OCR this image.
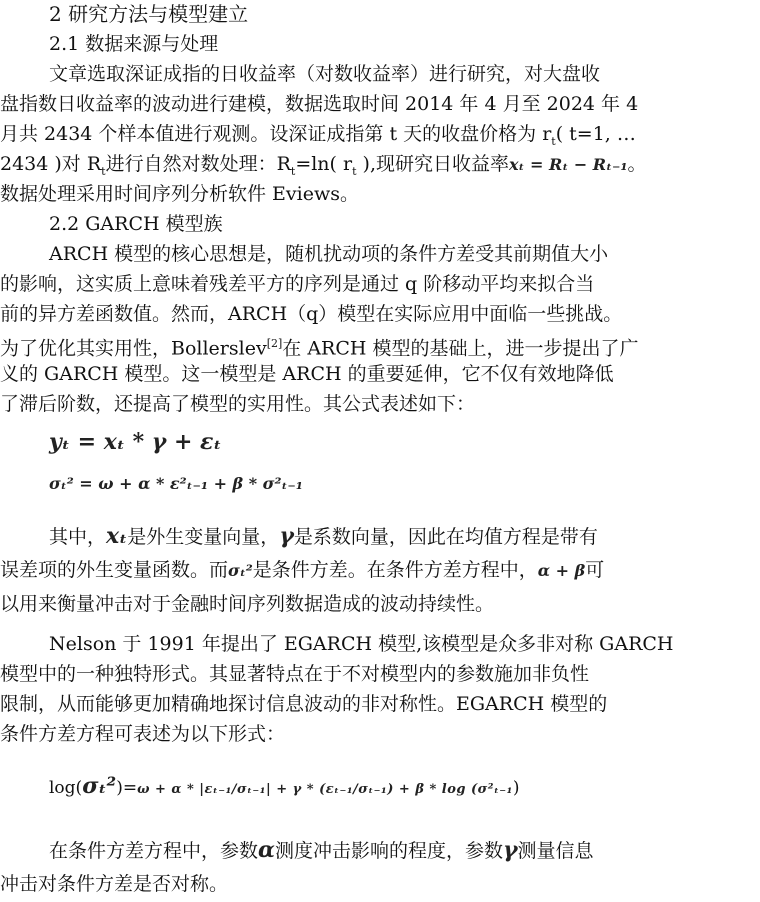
2 研究方法与模型建立
2.1 数据来源与处理
文章选取深证成指的日收益率（对数收益率）进行研究，对大盘收
盘指数日收益率的波动进行建模，数据选取时间 2014 年 4 月至 2024 年 4
月共 2434 个样本值进行观测。设深证成指第 t 天的收盘价格为 $r_t$( t=1, …
2434 )对 $R_t$进行自然对数处理：$R_t=\ln$( $r_t$ ),现研究日收益率xₜ = Rₜ − Rₜ₋₁。
数据处理采用时间序列分析软件 Eviews。
2.2 GARCH 模型族
ARCH 模型的核心思想是，随机扰动项的条件方差受其前期值大小
的影响，这实质上意味着残差平方的序列是通过 q 阶移动平均来拟合当
前的异方差函数值。然而，ARCH（q）模型在实际应用中面临一些挑战。
为了优化其实用性，Bollerslev[2]在 ARCH 模型的基础上，进一步提出了广
义的 GARCH 模型。这一模型是 ARCH 的重要延伸，它不仅有效地降低
了滞后阶数，还提高了模型的实用性。其公式表述如下：
yₜ = xₜ * γ + εₜ
σₜ² = ω + α * ε²ₜ₋₁ + β * σ²ₜ₋₁
其中，xₜ是外生变量向量，γ是系数向量，因此在均值方程是带有
误差项的外生变量函数。而σₜ²是条件方差。在条件方差方程中，α + β可
以用来衡量冲击对于金融时间序列数据造成的波动持续性。
Nelson 于 1991 年提出了 EGARCH 模型,该模型是众多非对称 GARCH
模型中的一种独特形式。其显著特点在于不对模型内的参数施加非负性
限制，从而能够更加精确地探讨信息波动的非对称性。EGARCH 模型的
条件方差方程可表述为以下形式：
log(σₜ²)=ω + α * |εₜ₋₁/σₜ₋₁| + γ * (εₜ₋₁/σₜ₋₁) + β * log (σ²ₜ₋₁)
在条件方差方程中，参数α测度冲击影响的程度，参数γ测量信息
冲击对条件方差是否对称。
